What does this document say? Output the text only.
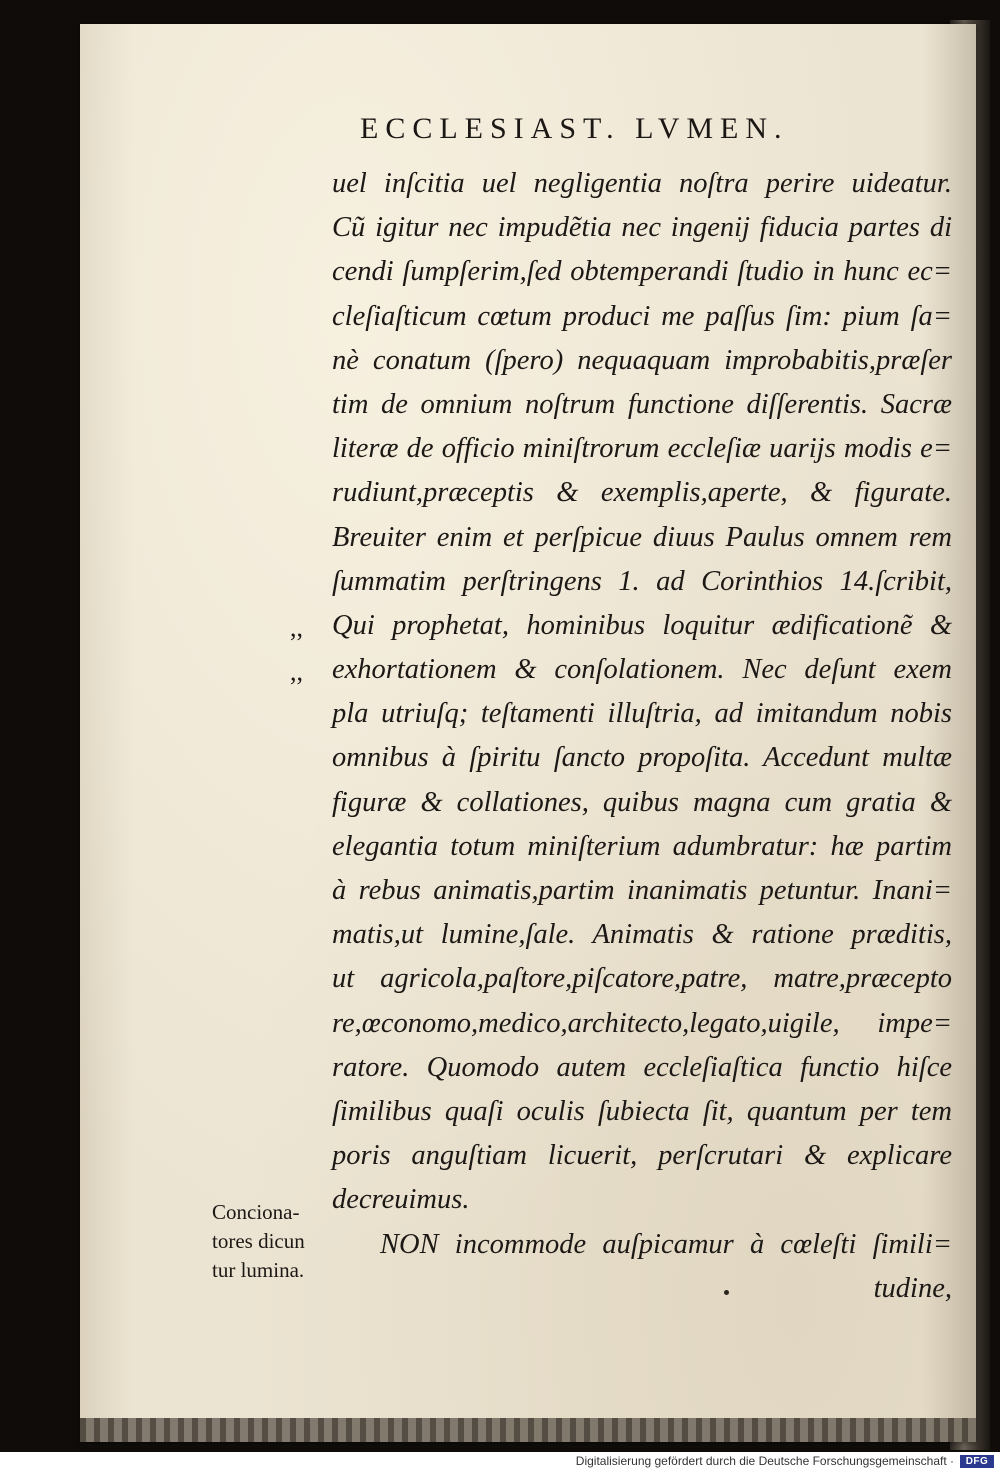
ECCLESIAST. LVMEN.
,,
,,
uel inſcitia uel negligentia noſtra perire uideatur.
Cũ igitur nec impudẽtia nec ingenij fiducia partes di
cendi ſumpſerim,ſed obtemperandi ſtudio in hunc ec=
cleſiaſticum cœtum produci me paſſus ſim: pium ſa=
nè conatum (ſpero) nequaquam improbabitis,præſer
tim de omnium noſtrum functione diſſerentis. Sacræ
literæ de officio miniſtrorum eccleſiæ uarijs modis e=
rudiunt,præceptis & exemplis,aperte, & figurate.
Breuiter enim et perſpicue diuus Paulus omnem rem
ſummatim perſtringens 1. ad Corinthios 14.ſcribit,
Qui prophetat, hominibus loquitur ædificationẽ &
exhortationem & conſolationem. Nec deſunt exem
pla utriuſq; teſtamenti illuſtria, ad imitandum nobis
omnibus à ſpiritu ſancto propoſita. Accedunt multæ
figuræ & collationes, quibus magna cum gratia &
elegantia totum miniſterium adumbratur: hæ partim
à rebus animatis,partim inanimatis petuntur. Inani=
matis,ut lumine,ſale. Animatis & ratione præditis,
ut agricola,paſtore,piſcatore,patre, matre,præcepto
re,œconomo,medico,architecto,legato,uigile, impe=
ratore. Quomodo autem eccleſiaſtica functio hiſce
ſimilibus quaſi oculis ſubiecta ſit, quantum per tem
poris anguſtiam licuerit, perſcrutari & explicare
decreuimus.
NON incommode auſpicamur à cœleſti ſimili=
tudine,
Conciona-
tores dicun
tur lumina.
Digitalisierung gefördert durch die Deutsche Forschungsgemeinschaft ·	DFG
